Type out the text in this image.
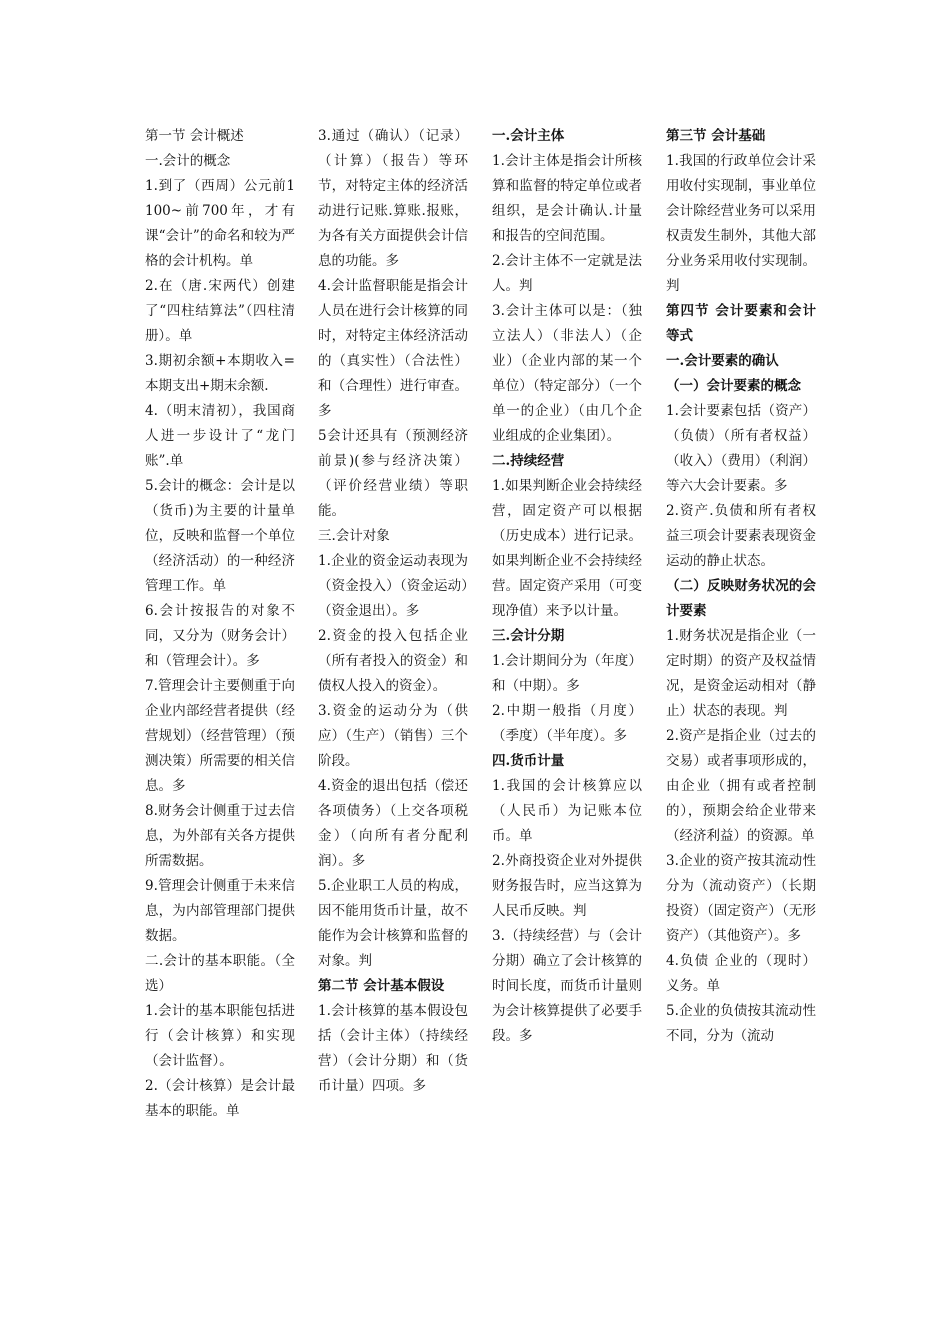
第一节 会计概述

一.会计的概念

1.到了（西周）公元前1100~前700年，才有课“会计”的命名和较为严格的会计机构。单

2.在（唐.宋两代）创建了“四柱结算法”（四柱清册）。单

3.期初余额+本期收入=本期支出+期末余额.

4.（明末清初），我国商人进一步设计了“龙门账”.单

5.会计的概念：会计是以（货币)为主要的计量单位，反映和监督一个单位（经济活动）的一种经济管理工作。单

6.会计按报告的对象不同，又分为（财务会计）和（管理会计）。多

7.管理会计主要侧重于向企业内部经营者提供（经营规划）（经营管理）（预测决策）所需要的相关信息。多

8.财务会计侧重于过去信息，为外部有关各方提供所需数据。

9.管理会计侧重于未来信息，为内部管理部门提供数据。

二.会计的基本职能。（全选）

1.会计的基本职能包括进行（会计核算）和实现（会计监督）。

2.（会计核算）是会计最基本的职能。单

3.通过（确认）（记录）（计算）（报告）等环节，对特定主体的经济活动进行记账.算账.报账，为各有关方面提供会计信息的功能。多

4.会计监督职能是指会计人员在进行会计核算的同时，对特定主体经济活动的（真实性）（合法性）和（合理性）进行审查。多

5会计还具有（预测经济前景)(参与经济决策）（评价经营业绩）等职能。

三.会计对象

1.企业的资金运动表现为（资金投入）（资金运动）（资金退出）。多

2.资金的投入包括企业（所有者投入的资金）和债权人投入的资金）。

3.资金的运动分为（供应）（生产）（销售）三个阶段。

4.资金的退出包括（偿还各项债务）（上交各项税金）（向所有者分配利润）。多

5.企业职工人员的构成，因不能用货币计量，故不能作为会计核算和监督的对象。判

第二节 会计基本假设

1.会计核算的基本假设包括（会计主体）（持续经营）（会计分期）和（货币计量）四项。多

一.会计主体

1.会计主体是指会计所核算和监督的特定单位或者组织，是会计确认.计量和报告的空间范围。

2.会计主体不一定就是法人。判

3.会计主体可以是：（独立法人）（非法人）（企业）（企业内部的某一个单位）（特定部分）（一个单一的企业）（由几个企业组成的企业集团）。

二.持续经营

1.如果判断企业会持续经营，固定资产可以根据（历史成本）进行记录。如果判断企业不会持续经营。固定资产采用（可变现净值）来予以计量。

三.会计分期

1.会计期间分为（年度）和（中期）。多

2.中期一般指（月度）（季度）（半年度）。多

四.货币计量

1.我国的会计核算应以（人民币）为记账本位币。单

2.外商投资企业对外提供财务报告时，应当这算为人民币反映。判

3.（持续经营）与（会计分期）确立了会计核算的时间长度，而货币计量则为会计核算提供了必要手段。多

第三节 会计基础

1.我国的行政单位会计采用收付实现制，事业单位会计除经营业务可以采用权责发生制外，其他大部分业务采用收付实现制。判

第四节 会计要素和会计等式

一.会计要素的确认

（一）会计要素的概念

1.会计要素包括（资产）（负债）（所有者权益）（收入）（费用）（利润）等六大会计要素。多

2.资产.负债和所有者权益三项会计要素表现资金运动的静止状态。

（二）反映财务状况的会计要素

1.财务状况是指企业（一定时期）的资产及权益情况，是资金运动相对（静止）状态的表现。判

2.资产是指企业（过去的交易）或者事项形成的，由企业（拥有或者控制的），预期会给企业带来（经济利益）的资源。单

3.企业的资产按其流动性分为（流动资产）（长期投资）（固定资产）（无形资产）（其他资产）。多

4.负债 企业的（现时）义务。单

5.企业的负债按其流动性不同，分为（流动
